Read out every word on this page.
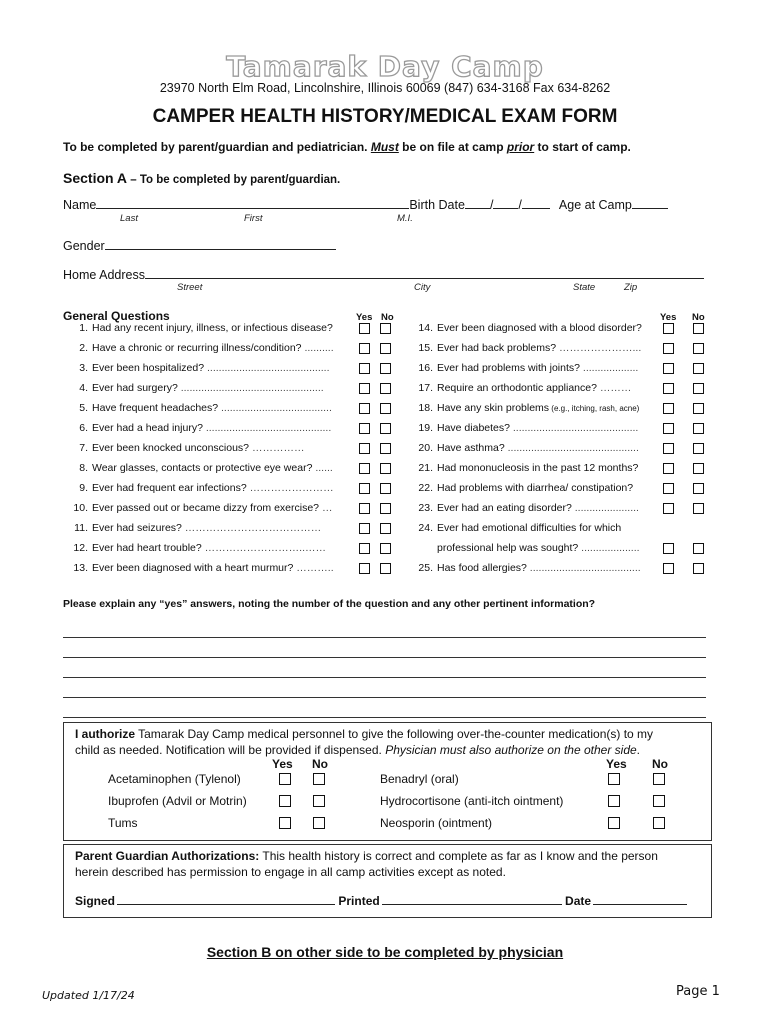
Tamarak Day Camp
23970 North Elm Road, Lincolnshire, Illinois 60069 (847) 634-3168 Fax 634-8262
CAMPER HEALTH HISTORY/MEDICAL EXAM FORM
To be completed by parent/guardian and pediatrician. Must be on file at camp prior to start of camp.
Section A – To be completed by parent/guardian.
Name	Birth Date / /	Age at Camp
Last	First	M.I.
Gender
Home Address
Street	City	State	Zip
General Questions	Yes No	Yes No
1. Had any recent injury, illness, or infectious disease?
2. Have a chronic or recurring illness/condition? ..........
3. Ever been hospitalized? ..........................................
4. Ever had surgery? .................................................
5. Have frequent headaches? ......................................
6. Ever had a head injury? ...........................................
7. Ever been knocked unconscious? ……………
8. Wear glasses, contacts or protective eye wear? ......
9. Ever had frequent ear infections? ……………………
10. Ever passed out or became dizzy from exercise? …
11. Ever had seizures? …………………………………
12. Ever had heart trouble? ………………………..……
13. Ever been diagnosed with a heart murmur? ………..
14. Ever been diagnosed with a blood disorder?
15. Ever had back problems? …………………...
16. Ever had problems with joints? ...................
17. Require an orthodontic appliance? ………
18. Have any skin problems (e.g., itching, rash, acne)
19. Have diabetes? ...........................................
20. Have asthma? .............................................
21. Had mononucleosis in the past 12 months?
22. Had problems with diarrhea/ constipation?
23. Ever had an eating disorder? ......................
24. Ever had emotional difficulties for which
professional help was sought? ....................
25. Has food allergies? ......................................
Please explain any “yes” answers, noting the number of the question and any other pertinent information?
I authorize Tamarak Day Camp medical personnel to give the following over-the-counter medication(s) to my
child as needed. Notification will be provided if dispensed. Physician must also authorize on the other side.
Yes No	Yes No
Acetaminophen (Tylenol)
Ibuprofen (Advil or Motrin)
Tums
Benadryl (oral)
Hydrocortisone (anti-itch ointment)
Neosporin (ointment)
Parent Guardian Authorizations: This health history is correct and complete as far as I know and the person
herein described has permission to engage in all camp activities except as noted.
Signed	Printed	Date
Section B on other side to be completed by physician
Updated 1/17/24	Page 1
